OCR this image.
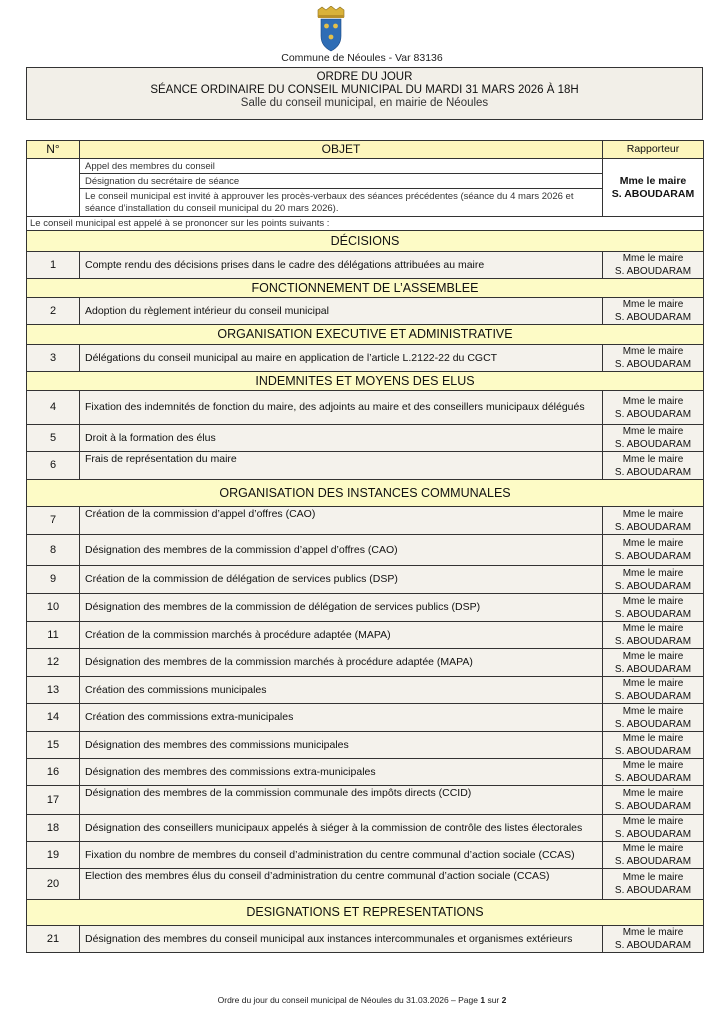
Commune de Néoules - Var 83136
ORDRE DU JOUR
SÉANCE ORDINAIRE DU CONSEIL MUNICIPAL DU MARDI 31 MARS 2026 À 18H
Salle du conseil municipal, en mairie de Néoules
N°	OBJET	Rapporteur
	Appel des membres du conseil	Mme le maire
S. ABOUDARAM

	Désignation du secrétaire de séance	
	Le conseil municipal est invité à approuver les procès-verbaux des séances précédentes (séance du 4 mars 2026 et séance d’installation du conseil municipal du 20 mars 2026).	
Le conseil municipal est appelé à se prononcer sur les points suivants :		
DÉCISIONS		
1	Compte rendu des décisions prises dans le cadre des délégations attribuées au maire	Mme le maire
S. ABOUDARAM

FONCTIONNEMENT DE L’ASSEMBLEE		
2	Adoption du règlement intérieur du conseil municipal	Mme le maire
S. ABOUDARAM

ORGANISATION EXECUTIVE ET ADMINISTRATIVE		
3	Délégations du conseil municipal au maire en application de l’article L.2122-22 du CGCT	Mme le maire
S. ABOUDARAM

INDEMNITES ET MOYENS DES ELUS		
4	Fixation des indemnités de fonction du maire, des adjoints au maire et des conseillers municipaux délégués	Mme le maire
S. ABOUDARAM

5	Droit à la formation des élus	Mme le maire
S. ABOUDARAM

6	Frais de représentation du maire	Mme le maire
S. ABOUDARAM

ORGANISATION DES INSTANCES COMMUNALES		
7	Création de la commission d’appel d’offres (CAO)	Mme le maire
S. ABOUDARAM

8	Désignation des membres de la commission d’appel d’offres (CAO)	Mme le maire
S. ABOUDARAM

9	Création de la commission de délégation de services publics (DSP)	Mme le maire
S. ABOUDARAM

10	Désignation des membres de la commission de délégation de services publics (DSP)	Mme le maire
S. ABOUDARAM

11	Création de la commission marchés à procédure adaptée (MAPA)	Mme le maire
S. ABOUDARAM

12	Désignation des membres de la commission marchés à procédure adaptée (MAPA)	Mme le maire
S. ABOUDARAM

13	Création des commissions municipales	Mme le maire
S. ABOUDARAM

14	Création des commissions extra-municipales	Mme le maire
S. ABOUDARAM

15	Désignation des membres des commissions municipales	Mme le maire
S. ABOUDARAM

16	Désignation des membres des commissions extra-municipales	Mme le maire
S. ABOUDARAM

17	Désignation des membres de la commission communale des impôts directs (CCID)	Mme le maire
S. ABOUDARAM

18	Désignation des conseillers municipaux appelés à siéger à la commission de contrôle des listes électorales	Mme le maire
S. ABOUDARAM

19	Fixation du nombre de membres du conseil d’administration du centre communal d’action sociale (CCAS)	Mme le maire
S. ABOUDARAM

20	Election des membres élus du conseil d’administration du centre communal d’action sociale (CCAS)	Mme le maire
S. ABOUDARAM

DESIGNATIONS ET REPRESENTATIONS		
21	Désignation des membres du conseil municipal aux instances intercommunales et organismes extérieurs	Mme le maire
S. ABOUDARAM
Ordre du jour du conseil municipal de Néoules du 31.03.2026 – Page 1 sur 2
